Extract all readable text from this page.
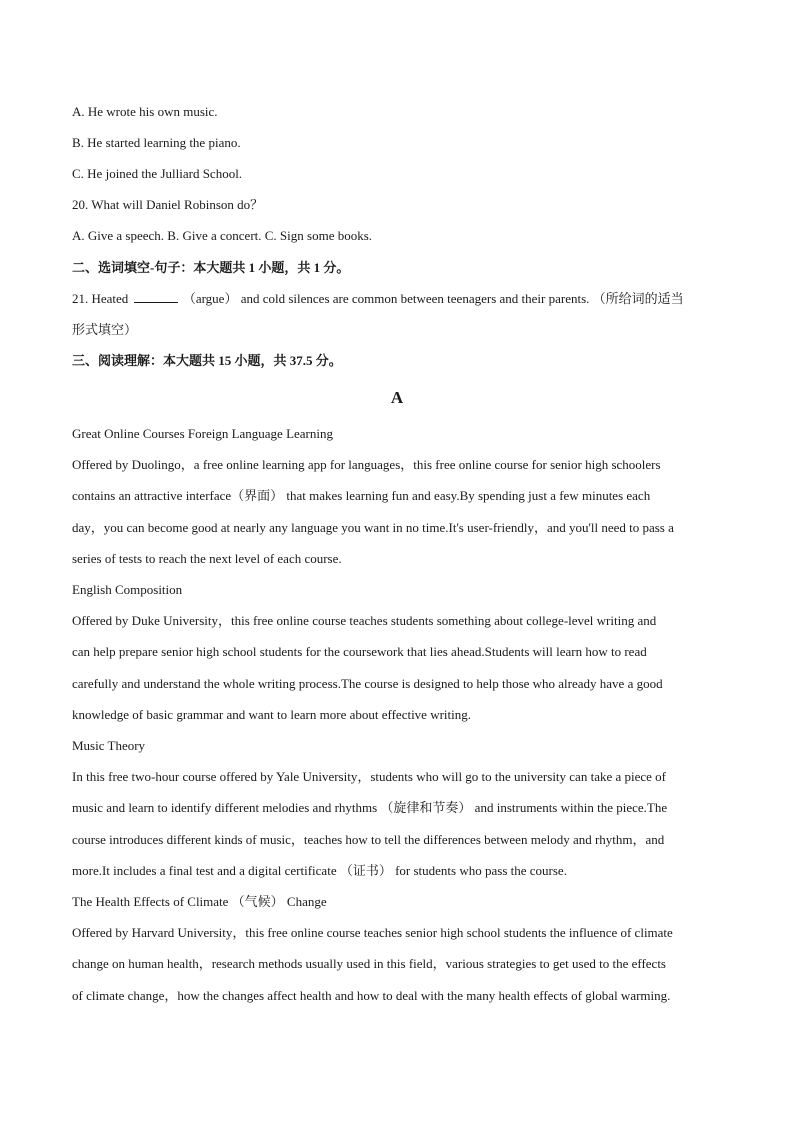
A. He wrote his own music.
B. He started learning the piano.
C. He joined the Julliard School.
20. What will Daniel Robinson do？
A. Give a speech. B. Give a concert. C. Sign some books.
二、选词填空-句子：本大题共 1 小题，共 1 分。
21. Heated	（argue） and cold silences are common between teenagers and their parents. （所给词的适当
形式填空）
三、阅读理解：本大题共 15 小题，共 37.5 分。
A
Great Online Courses Foreign Language Learning
Offered by Duolingo，a free online learning app for languages，this free online course for senior high schoolers
contains an attractive interface（界面） that makes learning fun and easy.By spending just a few minutes each
day，you can become good at nearly any language you want in no time.It's user-friendly，and you'll need to pass a
series of tests to reach the next level of each course.
English Composition
Offered by Duke University，this free online course teaches students something about college-level writing and
can help prepare senior high school students for the coursework that lies ahead.Students will learn how to read
carefully and understand the whole writing process.The course is designed to help those who already have a good
knowledge of basic grammar and want to learn more about effective writing.
Music Theory
In this free two-hour course offered by Yale University，students who will go to the university can take a piece of
music and learn to identify different melodies and rhythms （旋律和节奏） and instruments within the piece.The
course introduces different kinds of music，teaches how to tell the differences between melody and rhythm，and
more.It includes a final test and a digital certificate （证书） for students who pass the course.
The Health Effects of Climate （气候） Change
Offered by Harvard University，this free online course teaches senior high school students the influence of climate
change on human health，research methods usually used in this field，various strategies to get used to the effects
of climate change，how the changes affect health and how to deal with the many health effects of global warming.
